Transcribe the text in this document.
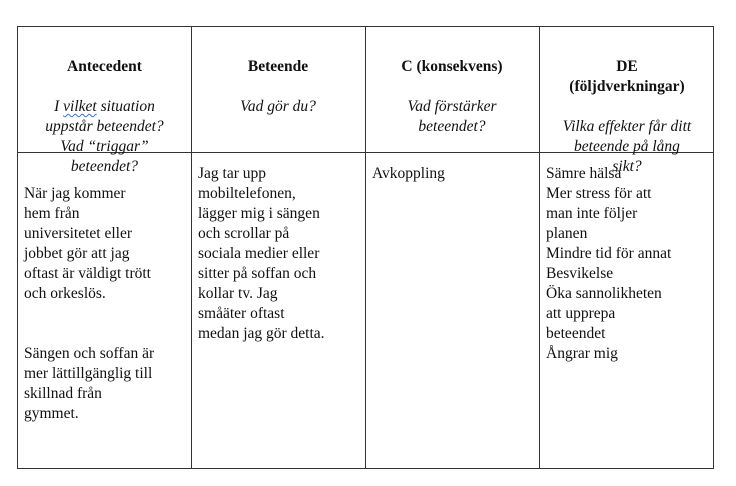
Antecedent

I vilket situation
uppstår beteendet?
Vad “triggar”
beteendet?

Beteende

Vad gör du?

C (konsekvens)

Vad förstärker
beteendet?

DE
(följdverkningar)

Vilka effekter får ditt
beteende på lång
sikt?

När jag kommer
hem från
universitetet eller
jobbet gör att jag
oftast är väldigt trött
och orkeslös.

Sängen och soffan är
mer lättillgänglig till
skillnad från
gymmet.

Jag tar upp
mobiltelefonen,
lägger mig i sängen
och scrollar på
sociala medier eller
sitter på soffan och
kollar tv. Jag
småäter oftast
medan jag gör detta.
Avkoppling	Sämre hälsa
Mer stress för att
man inte följer
planen
Mindre tid för annat
Besvikelse
Öka sannolikheten
att upprepa
beteendet
Ångrar mig
